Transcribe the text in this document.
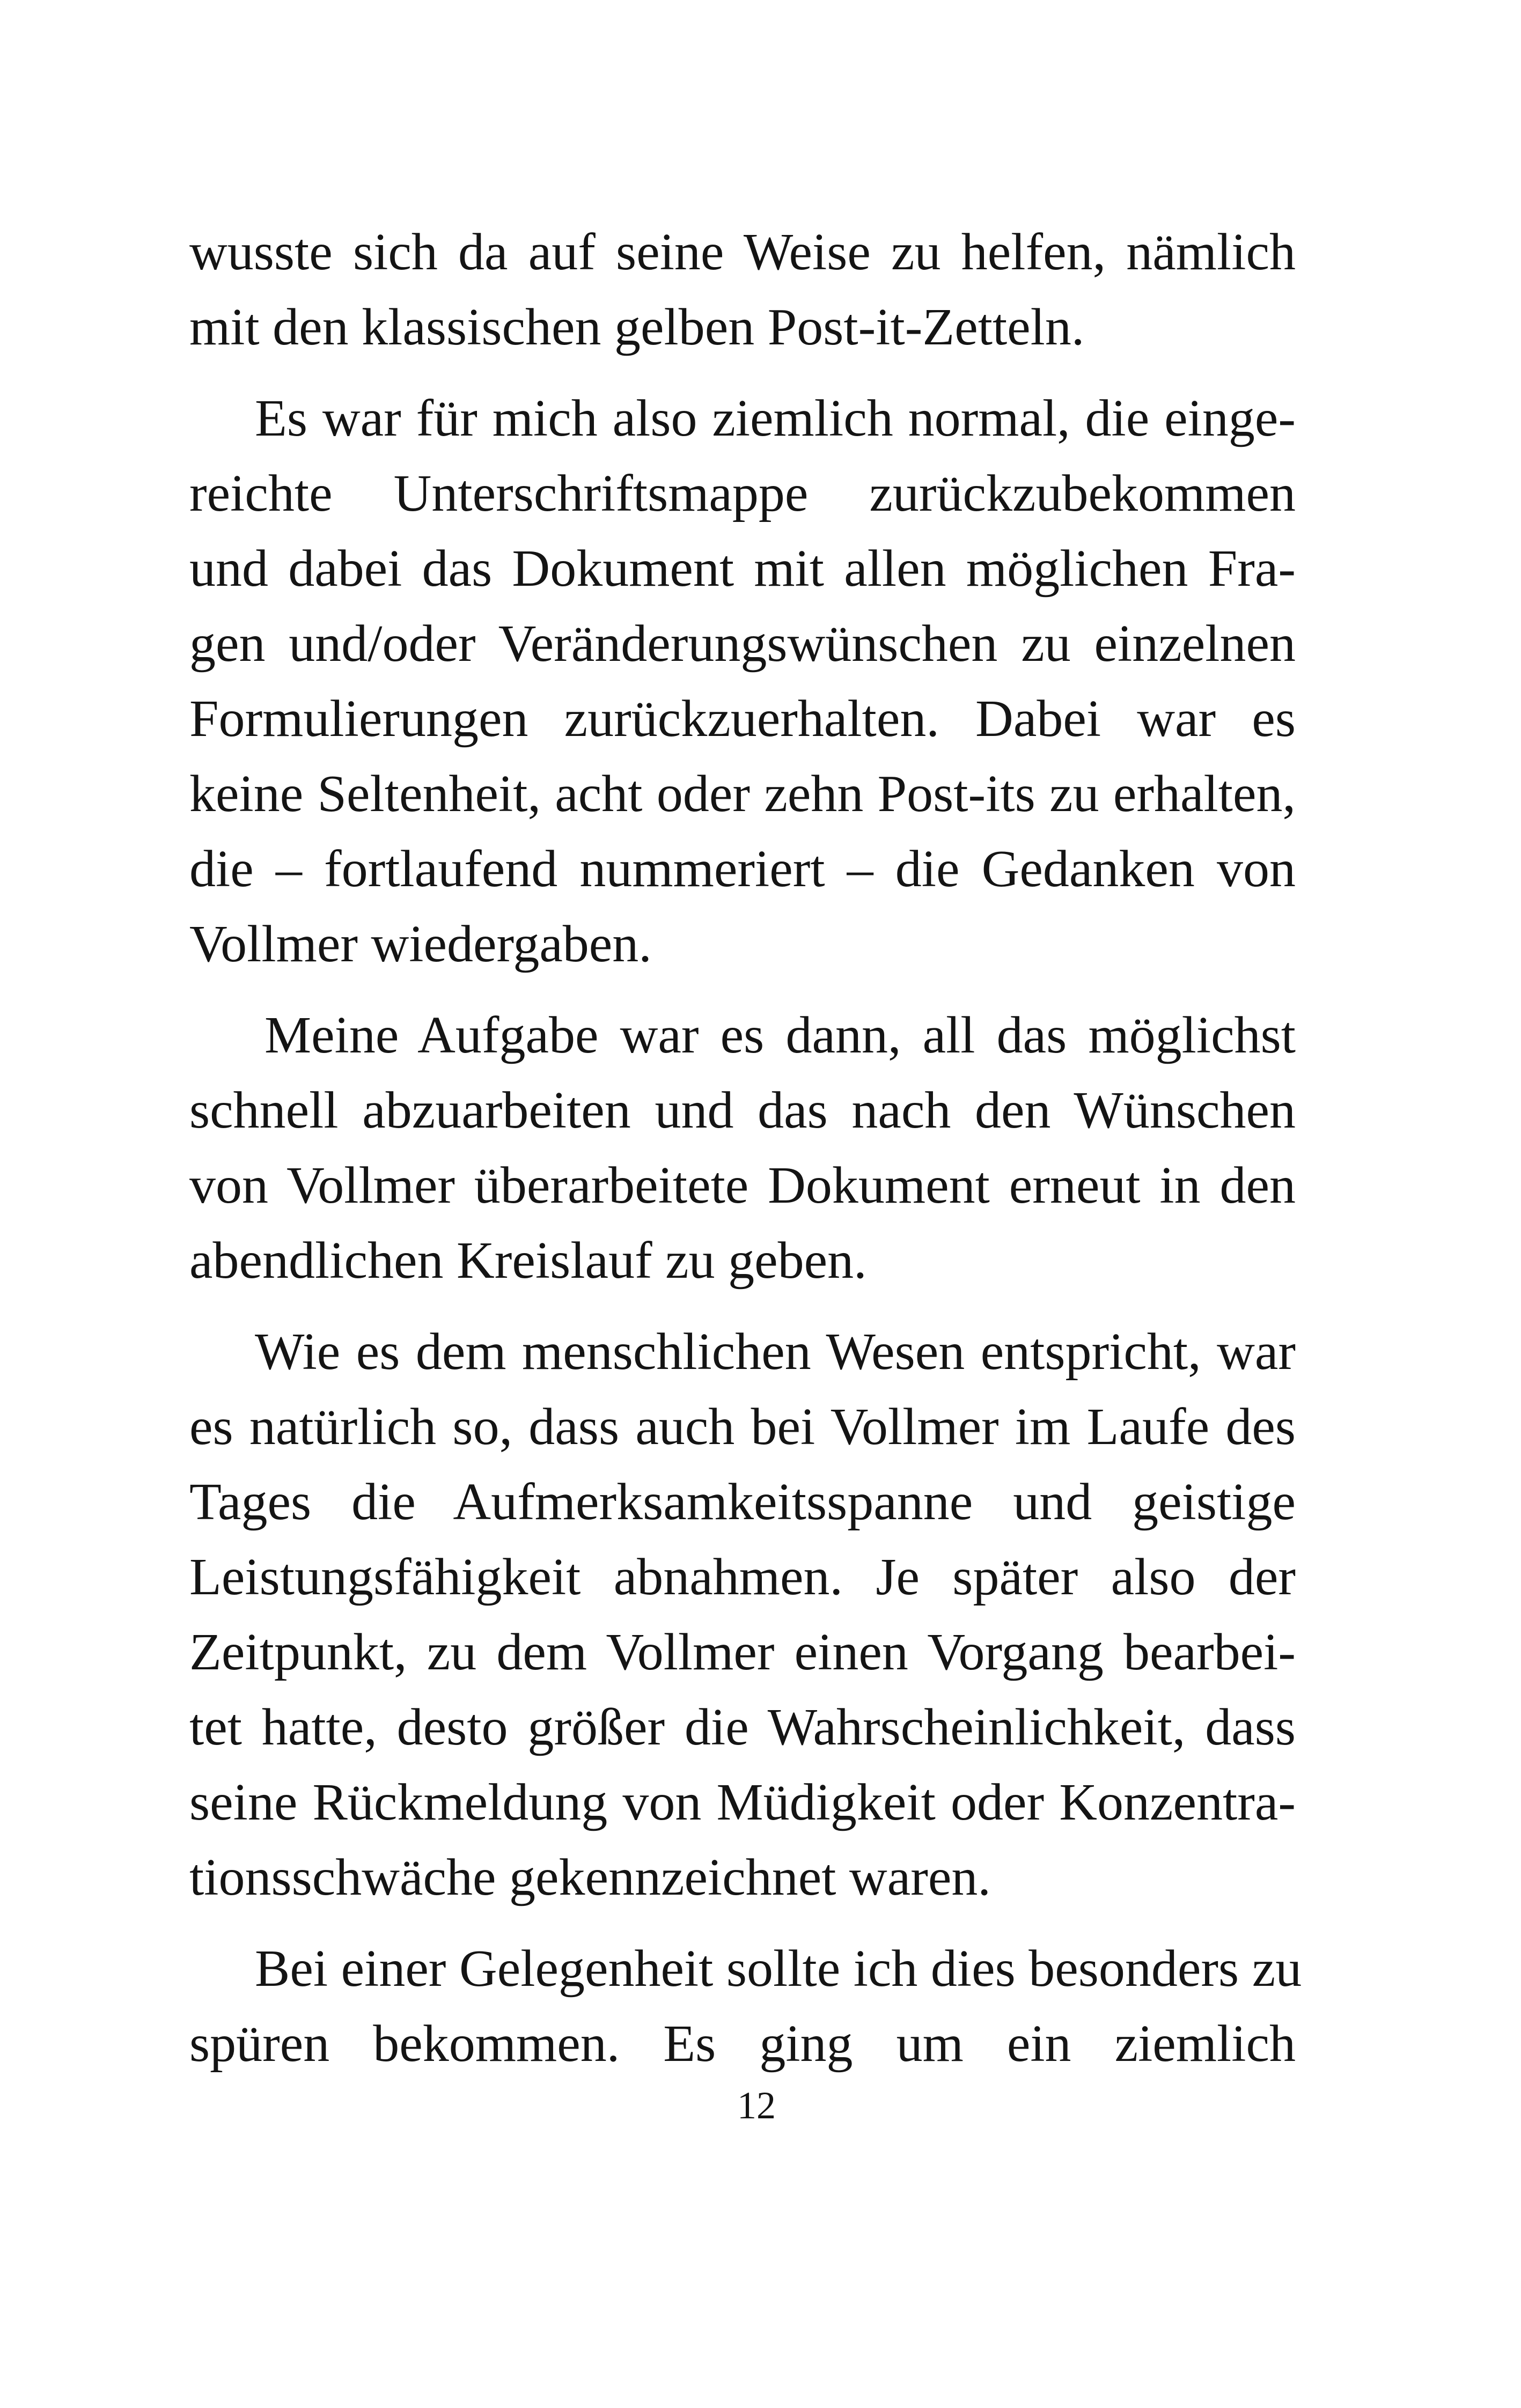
wusste sich da auf seine Weise zu helfen, nämlich
mit den klassischen gelben Post-it-Zetteln.
Es war für mich also ziemlich normal, die einge-
reichte Unterschriftsmappe zurückzubekommen
und dabei das Dokument mit allen möglichen Fra-
gen und/oder Veränderungswünschen zu einzelnen
Formulierungen zurückzuerhalten. Dabei war es
keine Seltenheit, acht oder zehn Post-its zu erhalten,
die – fortlaufend nummeriert – die Gedanken von
Vollmer wiedergaben.
Meine Aufgabe war es dann, all das möglichst
schnell abzuarbeiten und das nach den Wünschen
von Vollmer überarbeitete Dokument erneut in den
abendlichen Kreislauf zu geben.
Wie es dem menschlichen Wesen entspricht, war
es natürlich so, dass auch bei Vollmer im Laufe des
Tages die Aufmerksamkeitsspanne und geistige
Leistungsfähigkeit abnahmen. Je später also der
Zeitpunkt, zu dem Vollmer einen Vorgang bearbei-
tet hatte, desto größer die Wahrscheinlichkeit, dass
seine Rückmeldung von Müdigkeit oder Konzentra-
tionsschwäche gekennzeichnet waren.
Bei einer Gelegenheit sollte ich dies besonders zu
spüren bekommen. Es ging um ein ziemlich
12
